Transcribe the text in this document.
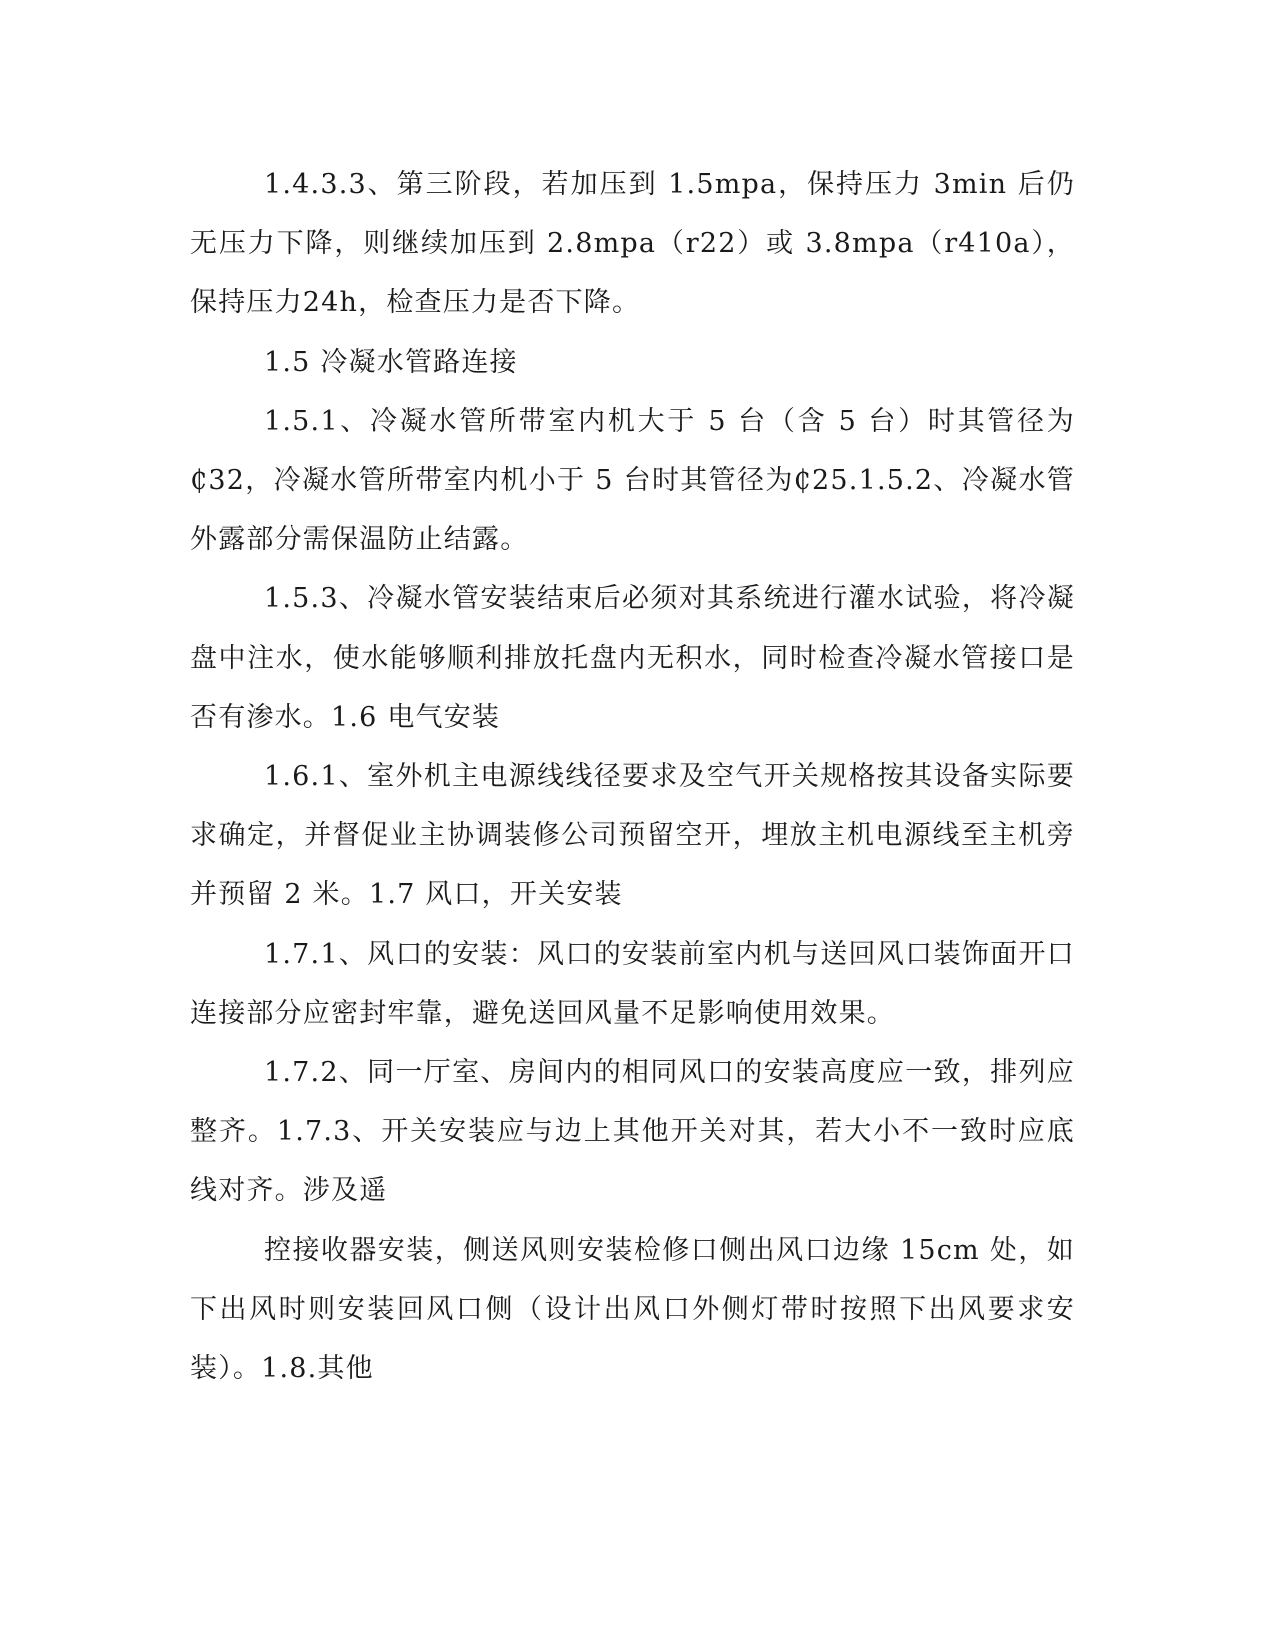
1.4.3.3、第三阶段，若加压到 1.5mpa，保持压力 3min 后仍无压力下降，则继续加压到 2.8mpa（r22）或 3.8mpa（r410a），保持压力24h，检查压力是否下降。

1.5 冷凝水管路连接

1.5.1、冷凝水管所带室内机大于 5 台（含 5 台）时其管径为₵32，冷凝水管所带室内机小于 5 台时其管径为₵25.1.5.2、冷凝水管外露部分需保温防止结露。

1.5.3、冷凝水管安装结束后必须对其系统进行灌水试验，将冷凝盘中注水，使水能够顺利排放托盘内无积水，同时检查冷凝水管接口是否有渗水。1.6 电气安装

1.6.1、室外机主电源线线径要求及空气开关规格按其设备实际要求确定，并督促业主协调装修公司预留空开，埋放主机电源线至主机旁并预留 2 米。1.7 风口，开关安装

1.7.1、风口的安装：风口的安装前室内机与送回风口装饰面开口连接部分应密封牢靠，避免送回风量不足影响使用效果。

1.7.2、同一厅室、房间内的相同风口的安装高度应一致，排列应整齐。1.7.3、开关安装应与边上其他开关对其，若大小不一致时应底线对齐。涉及遥

控接收器安装，侧送风则安装检修口侧出风口边缘 15cm 处，如下出风时则安装回风口侧（设计出风口外侧灯带时按照下出风要求安装）。1.8.其他
